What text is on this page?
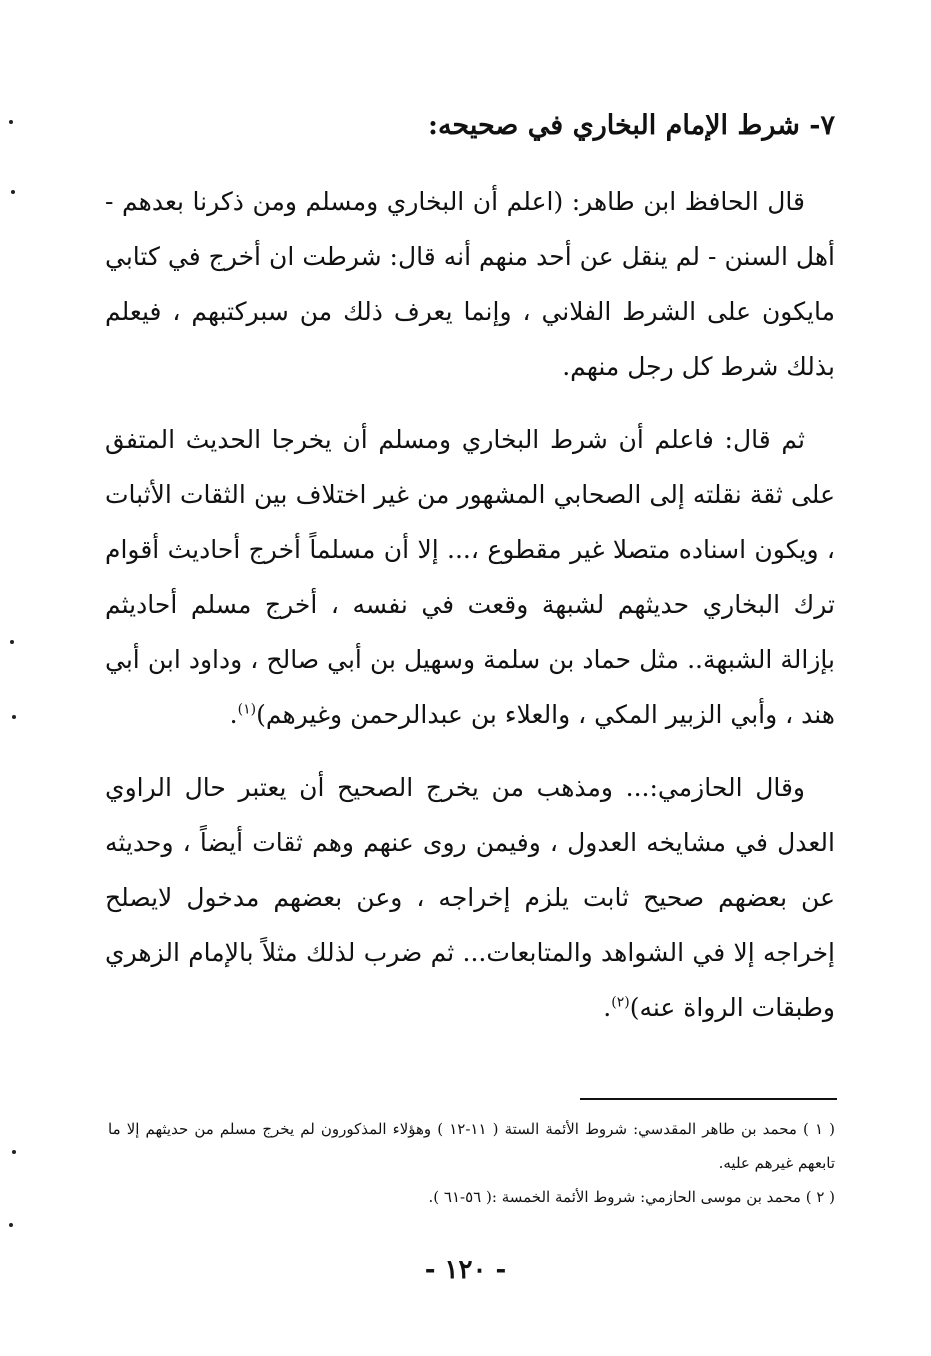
٧- شرط الإمام البخاري في صحيحه:

قال الحافظ ابن طاهر: (اعلم أن البخاري ومسلم ومن ذكرنا بعدهم - أهل السنن - لم ينقل عن أحد منهم أنه قال: شرطت ان أخرج في كتابي مايكون على الشرط الفلاني ، وإنما يعرف ذلك من سبركتبهم ، فيعلم بذلك شرط كل رجل منهم.

ثم قال: فاعلم أن شرط البخاري ومسلم أن يخرجا الحديث المتفق على ثقة نقلته إلى الصحابي المشهور من غير اختلاف بين الثقات الأثبات ، ويكون اسناده متصلا غير مقطوع ،... إلا أن مسلماً أخرج أحاديث أقوام ترك البخاري حديثهم لشبهة وقعت في نفسه ، أخرج مسلم أحاديثم بإزالة الشبهة.. مثل حماد بن سلمة وسهيل بن أبي صالح ، وداود ابن أبي هند ، وأبي الزبير المكي ، والعلاء بن عبدالرحمن وغيرهم)$^{(١)}$.

وقال الحازمي:... ومذهب من يخرج الصحيح أن يعتبر حال الراوي العدل في مشايخه العدول ، وفيمن روى عنهم وهم ثقات أيضاً ، وحديثه عن بعضهم صحيح ثابت يلزم إخراجه ، وعن بعضهم مدخول لايصلح إخراجه إلا في الشواهد والمتابعات... ثم ضرب لذلك مثلاً بالإمام الزهري وطبقات الرواة عنه)$^{(٢)}$.

( ١ ) محمد بن طاهر المقدسي: شروط الأئمة الستة ( ١١-١٢ ) وهؤلاء المذكورون لم يخرج مسلم من حديثهم إلا ما تابعهم غيرهم عليه.

( ٢ ) محمد بن موسى الحازمي: شروط الأئمة الخمسة :( ٥٦-٦١ ).

- ١٢٠ -
